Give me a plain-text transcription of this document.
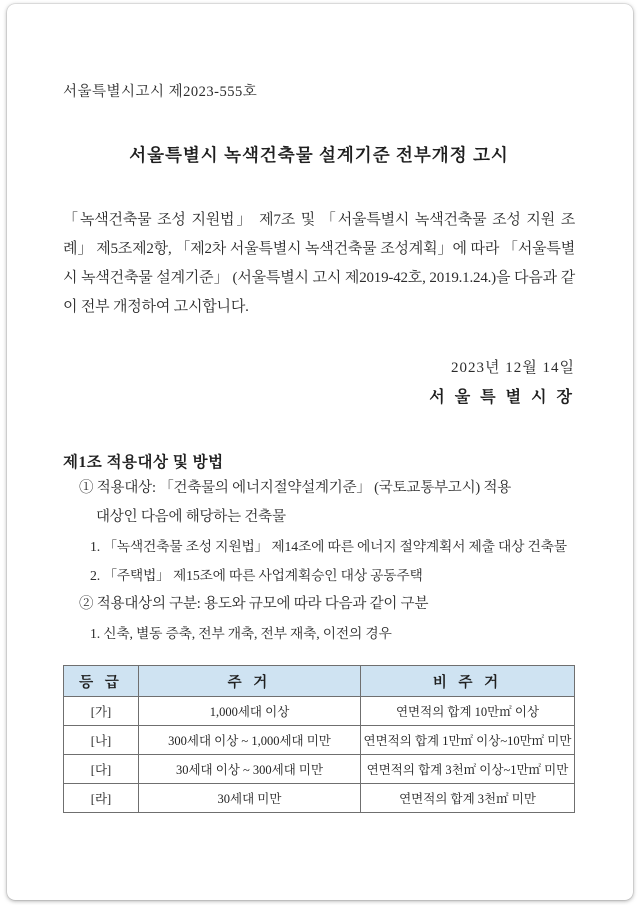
서울특별시고시 제2023-555호
서울특별시 녹색건축물 설계기준 전부개정 고시
「녹색건축물 조성 지원법」 제7조 및 「서울특별시 녹색건축물 조성 지원 조례」 제5조제2항, 「제2차 서울특별시 녹색건축물 조성계획」에 따라 「서울특별시 녹색건축물 설계기준」 (서울특별시 고시 제2019-42호, 2019.1.24.)을 다음과 같이 전부 개정하여 고시합니다.
2023년 12월 14일
서 울 특 별 시 장
제1조 적용대상 및 방법
① 적용대상: 「건축물의 에너지절약설계기준」 (국토교통부고시) 적용
대상인 다음에 해당하는 건축물
1. 「녹색건축물 조성 지원법」 제14조에 따른 에너지 절약계획서 제출 대상 건축물
2. 「주택법」 제15조에 따른 사업계획승인 대상 공동주택
② 적용대상의 구분: 용도와 규모에 따라 다음과 같이 구분
1. 신축, 별동 증축, 전부 개축, 전부 재축, 이전의 경우
등 급	주 거	비 주 거
[가]	1,000세대 이상	연면적의 합계 10만㎡ 이상
[나]	300세대 이상 ~ 1,000세대 미만	연면적의 합계 1만㎡ 이상~10만㎡ 미만
[다]	30세대 이상 ~ 300세대 미만	연면적의 합계 3천㎡ 이상~1만㎡ 미만
[라]	30세대 미만	연면적의 합계 3천㎡ 미만
